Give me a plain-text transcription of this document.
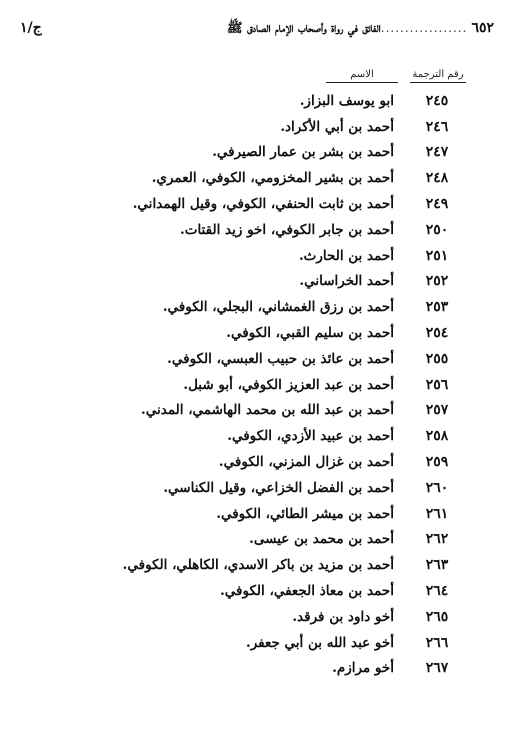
٦٥٢
..................
الفائق في رواة وأصحاب الإمام الصادق ﷺ
ج/١
رقم الترجمة
الاسم
٢٤٥
ابو يوسف البزاز.
٢٤٦
أحمد بن أبي الأكراد.
٢٤٧
أحمد بن بشر بن عمار الصيرفي.
٢٤٨
أحمد بن بشير المخزومي، الكوفي، العمري.
٢٤٩
أحمد بن ثابت الحنفي، الكوفي، وقيل الهمداني.
٢٥٠
أحمد بن جابر الكوفي، اخو زيد القتات.
٢٥١
أحمد بن الحارث.
٢٥٢
أحمد الخراساني.
٢٥٣
أحمد بن رزق الغمشاني، البجلي، الكوفي.
٢٥٤
أحمد بن سليم القبي، الكوفي.
٢٥٥
أحمد بن عائذ بن حبيب العبسي، الكوفي.
٢٥٦
أحمد بن عبد العزيز الكوفي، أبو شبل.
٢٥٧
أحمد بن عبد الله بن محمد الهاشمي، المدني.
٢٥٨
أحمد بن عبيد الأزدي، الكوفي.
٢٥٩
أحمد بن غزال المزني، الكوفي.
٢٦٠
أحمد بن الفضل الخزاعي، وقيل الكناسي.
٢٦١
أحمد بن ميشر الطائي، الكوفي.
٢٦٢
أحمد بن محمد بن عيسى.
٢٦٣
أحمد بن مزيد بن باكر الاسدي، الكاهلي، الكوفي.
٢٦٤
أحمد بن معاذ الجعفي، الكوفي.
٢٦٥
أخو داود بن فرقد.
٢٦٦
أخو عبد الله بن أبي جعفر.
٢٦٧
أخو مرازم.
